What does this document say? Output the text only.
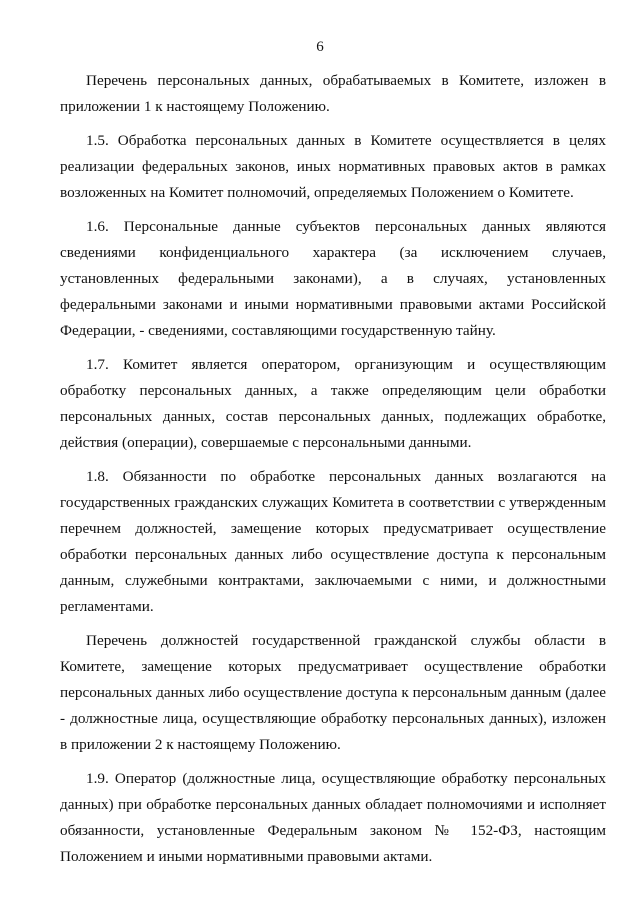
6

Перечень персональных данных, обрабатываемых в Комитете, изложен в приложении 1 к настоящему Положению.

1.5. Обработка персональных данных в Комитете осуществляется в целях реализации федеральных законов, иных нормативных правовых актов в рамках возложенных на Комитет полномочий, определяемых Положением о Комитете.

1.6. Персональные данные субъектов персональных данных являются сведениями конфиденциального характера (за исключением случаев, установленных федеральными законами), а в случаях, установленных федеральными законами и иными нормативными правовыми актами Российской Федерации, - сведениями, составляющими государственную тайну.

1.7. Комитет является оператором, организующим и осуществляющим обработку персональных данных, а также определяющим цели обработки персональных данных, состав персональных данных, подлежащих обработке, действия (операции), совершаемые с персональными данными.

1.8. Обязанности по обработке персональных данных возлагаются на государственных гражданских служащих Комитета в соответствии с утвержденным перечнем должностей, замещение которых предусматривает осуществление обработки персональных данных либо осуществление доступа к персональным данным, служебными контрактами, заключаемыми с ними, и должностными регламентами.

Перечень должностей государственной гражданской службы области в Комитете, замещение которых предусматривает осуществление обработки персональных данных либо осуществление доступа к персональным данным (далее - должностные лица, осуществляющие обработку персональных данных), изложен в приложении 2 к настоящему Положению.

1.9. Оператор (должностные лица, осуществляющие обработку персональных данных) при обработке персональных данных обладает полномочиями и исполняет обязанности, установленные Федеральным законом № 152-ФЗ, настоящим Положением и иными нормативными правовыми актами.
